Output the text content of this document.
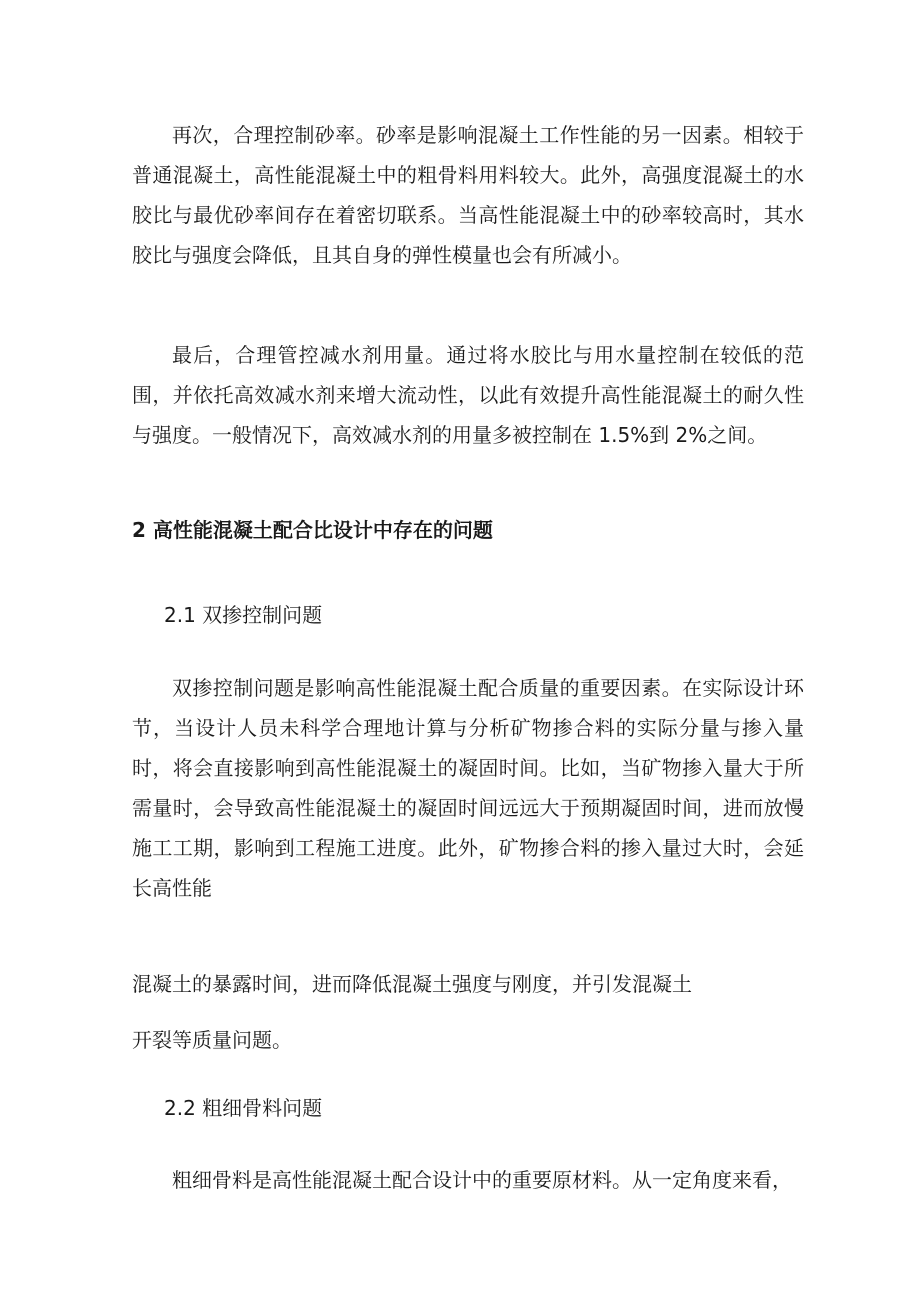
再次，合理控制砂率。砂率是影响混凝土工作性能的另一因素。相较于普通混凝土，高性能混凝土中的粗骨料用料较大。此外，高强度混凝土的水胶比与最优砂率间存在着密切联系。当高性能混凝土中的砂率较高时，其水胶比与强度会降低，且其自身的弹性模量也会有所减小。

最后，合理管控减水剂用量。通过将水胶比与用水量控制在较低的范围，并依托高效减水剂来增大流动性，以此有效提升高性能混凝土的耐久性与强度。一般情况下，高效减水剂的用量多被控制在 1.5%到 2%之间。

2 高性能混凝土配合比设计中存在的问题

2.1 双掺控制问题

双掺控制问题是影响高性能混凝土配合质量的重要因素。在实际设计环节，当设计人员未科学合理地计算与分析矿物掺合料的实际分量与掺入量时，将会直接影响到高性能混凝土的凝固时间。比如，当矿物掺入量大于所需量时，会导致高性能混凝土的凝固时间远远大于预期凝固时间，进而放慢施工工期，影响到工程施工进度。此外，矿物掺合料的掺入量过大时，会延长高性能

混凝土的暴露时间，进而降低混凝土强度与刚度，并引发混凝土

开裂等质量问题。

2.2 粗细骨料问题

粗细骨料是高性能混凝土配合设计中的重要原材料。从一定角度来看，
